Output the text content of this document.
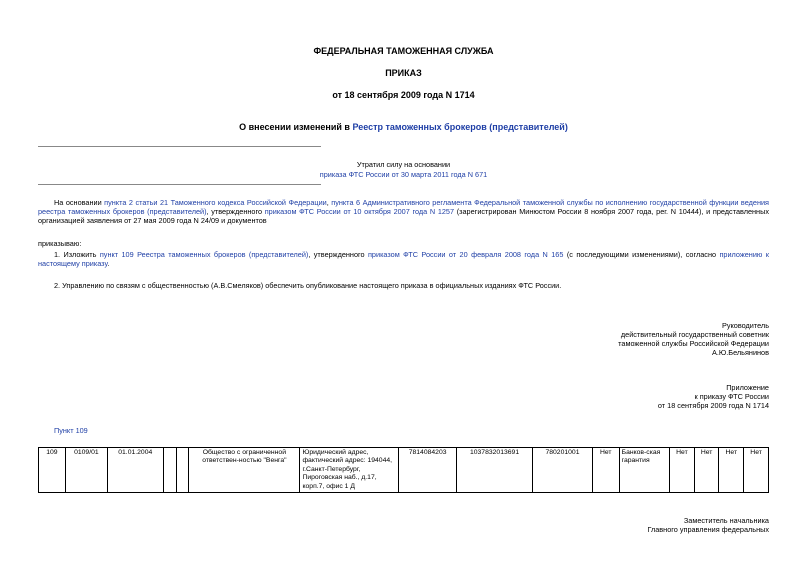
ФЕДЕРАЛЬНАЯ ТАМОЖЕННАЯ СЛУЖБА
ПРИКАЗ
от 18 сентября 2009 года N 1714
О внесении изменений в Реестр таможенных брокеров (представителей)
Утратил силу на основании
приказа ФТС России от 30 марта 2011 года N 671
На основании пункта 2 статьи 21 Таможенного кодекса Российской Федерации, пункта 6 Административного регламента Федеральной таможенной службы по исполнению государственной функции ведения реестра таможенных брокеров (представителей), утвержденного приказом ФТС России от 10 октября 2007 года N 1257 (зарегистрирован Минюстом России 8 ноября 2007 года, рег. N 10444), и представленных организацией заявления от 27 мая 2009 года N 24/09 и документов
приказываю:
1. Изложить пункт 109 Реестра таможенных брокеров (представителей), утвержденного приказом ФТС России от 20 февраля 2008 года N 165 (с последующими изменениями), согласно приложению к настоящему приказу.
2. Управлению по связям с общественностью (А.В.Смеляков) обеспечить опубликование настоящего приказа в официальных изданиях ФТС России.
Руководитель
действительный государственный советник
таможенной службы Российской Федерации
А.Ю.Бельянинов
Приложение
к приказу ФТС России
от 18 сентября 2009 года N 1714
Пункт 109
109	0109/01	01.01.2004			Общество с ограниченной ответствен-ностью "Венга"	Юридический адрес, фактический адрес: 194044, г.Санкт-Петербург, Пироговская наб., д.17, корп.7, офис 1 Д	7814084203	1037832013691	780201001	Нет	Банков-ская гарантия	Нет	Нет	Нет	Нет
Заместитель начальника
Главного управления федеральных
